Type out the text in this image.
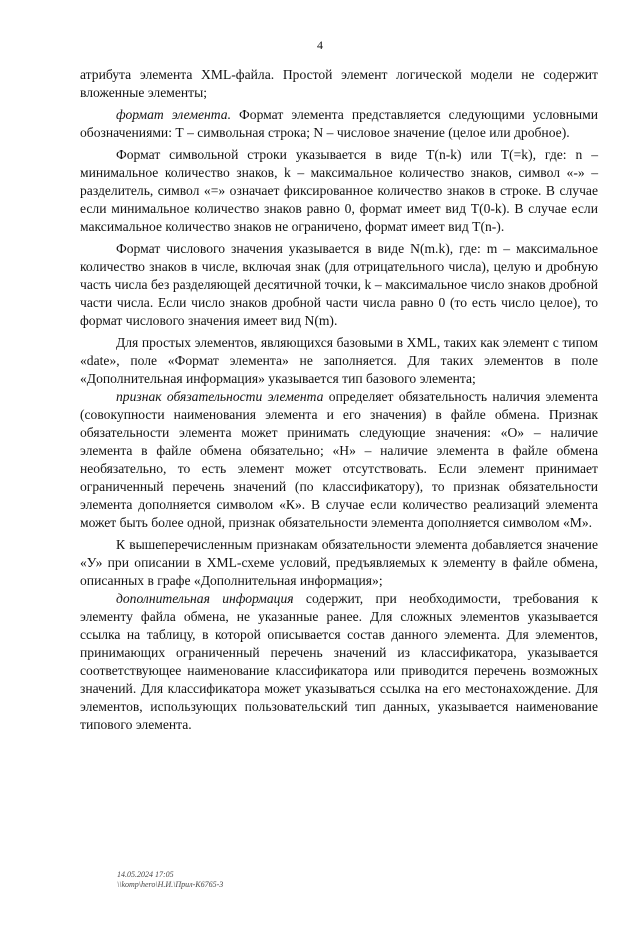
4

атрибута элемента XML-файла. Простой элемент логической модели не содержит вложенные элементы;

формат элемента. Формат элемента представляется следующими условными обозначениями: Т – символьная строка; N – числовое значение (целое или дробное).

Формат символьной строки указывается в виде T(n-k) или T(=k), где: n – минимальное количество знаков, k – максимальное количество знаков, символ «-» – разделитель, символ «=» означает фиксированное количество знаков в строке. В случае если минимальное количество знаков равно 0, формат имеет вид T(0-k). В случае если максимальное количество знаков не ограничено, формат имеет вид T(n-).

Формат числового значения указывается в виде N(m.k), где: m – максимальное количество знаков в числе, включая знак (для отрицательного числа), целую и дробную часть числа без разделяющей десятичной точки, k – максимальное число знаков дробной части числа. Если число знаков дробной части числа равно 0 (то есть число целое), то формат числового значения имеет вид N(m).

Для простых элементов, являющихся базовыми в XML, таких как элемент с типом «date», поле «Формат элемента» не заполняется. Для таких элементов в поле «Дополнительная информация» указывается тип базового элемента;

признак обязательности элемента определяет обязательность наличия элемента (совокупности наименования элемента и его значения) в файле обмена. Признак обязательности элемента может принимать следующие значения: «О» – наличие элемента в файле обмена обязательно; «Н» – наличие элемента в файле обмена необязательно, то есть элемент может отсутствовать. Если элемент принимает ограниченный перечень значений (по классификатору), то признак обязательности элемента дополняется символом «К». В случае если количество реализаций элемента может быть более одной, признак обязательности элемента дополняется символом «М».

К вышеперечисленным признакам обязательности элемента добавляется значение «У» при описании в XML-схеме условий, предъявляемых к элементу в файле обмена, описанных в графе «Дополнительная информация»;

дополнительная информация содержит, при необходимости, требования к элементу файла обмена, не указанные ранее. Для сложных элементов указывается ссылка на таблицу, в которой описывается состав данного элемента. Для элементов, принимающих ограниченный перечень значений из классификатора, указывается соответствующее наименование классификатора или приводится перечень возможных значений. Для классификатора может указываться ссылка на его местонахождение. Для элементов, использующих пользовательский тип данных, указывается наименование типового элемента.

14.05.2024 17:05
\\komp\hero\Н.И.\Прил-К6765-3
